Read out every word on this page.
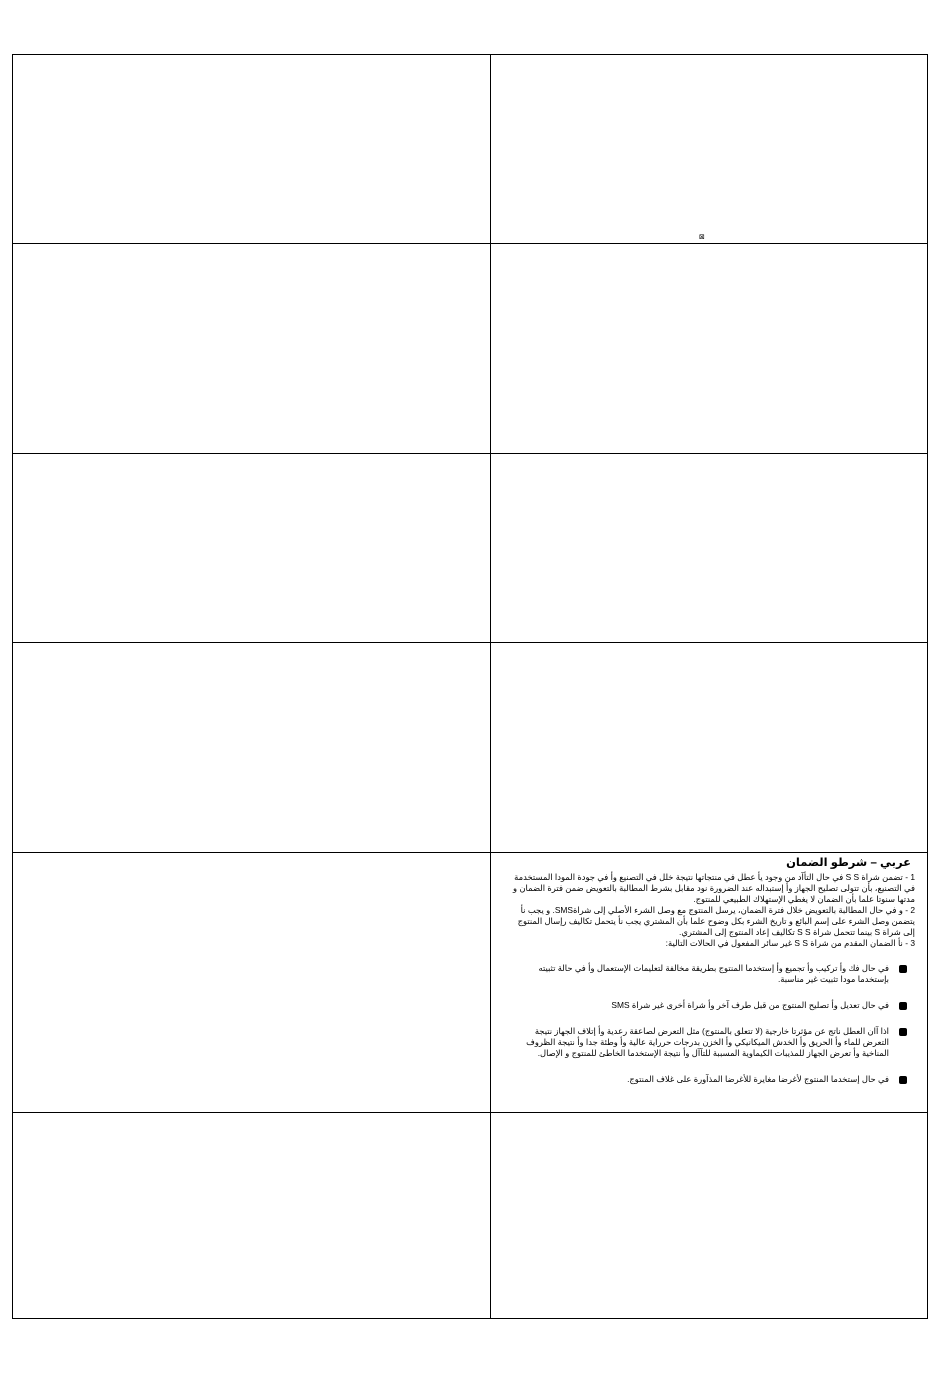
⊠
عربي – شرطو الضمان

1 - تضمن شراة S S في حال التأآد من وجود يأ عطل في منتجاتها نتيجة خلل في التصنيع وأ في جودة المودا المستخدمة في التصنيع، بأن تتولى تصليح الجهاز وأ إستبداله عند الضرورة نود مقابل بشرط المطالبة بالتعويض ضمن فترة الضمان و مدتها سنوتا علما بأن الضمان لا يغطي الإستهلاك الطبيعي للمنتوج.

2 - و في حال المطالبة بالتعويض خلال فترة الضمان، يرسل المنتوج مع وصل الشرء الأصلي إلى شراةSMS. و يجب نأ يتضمن وصل الشرء على إسم البائع و تاريخ الشرء بكل وضوح علما بأن المشتري يجب نأ يتحمل تكاليف رإسال المنتوج إلى شراة S بينما تتحمل شراة S S تكاليف إعاد المنتوج إلى المشتري.

3 - نأ الضمان المقدم من شراة S S غير سائر المفعول في الحالات التالية:

في حال فك وأ تركيب وأ تجميع وأ إستخدما المنتوج بطريقة مخالفة لتعليمات الإستعمال وأ في حالة تثبيته بإستخدما مودا تثبيت غير مناسبة.
في حال تعديل وأ تصليح المنتوج من قبل طرف آخر وأ شراة أخرى غير شراة SMS
اذا آان العطل ناتج عن مؤثرتا خارجية (لا تتعلق بالمنتوج) مثل التعرض لصاعقة رعدية وأ إتلاف الجهاز نتيجة التعرض للماء وأ الحريق وأ الخدش الميكانيكي وأ الخزن بدرجات حرراية عالية وأ وطئة جدا وأ نتيجة الظروف المناخية وأ تعرض الجهاز للمذيبات الكيماوية المسببة للتآآل وأ نتيجة الإستخدما الخاطئ للمنتوج و الإصال.
في حال إستخدما المنتوج لأغرضا مغايرة للأغرضا المذآورة على غلاف المنتوج.
